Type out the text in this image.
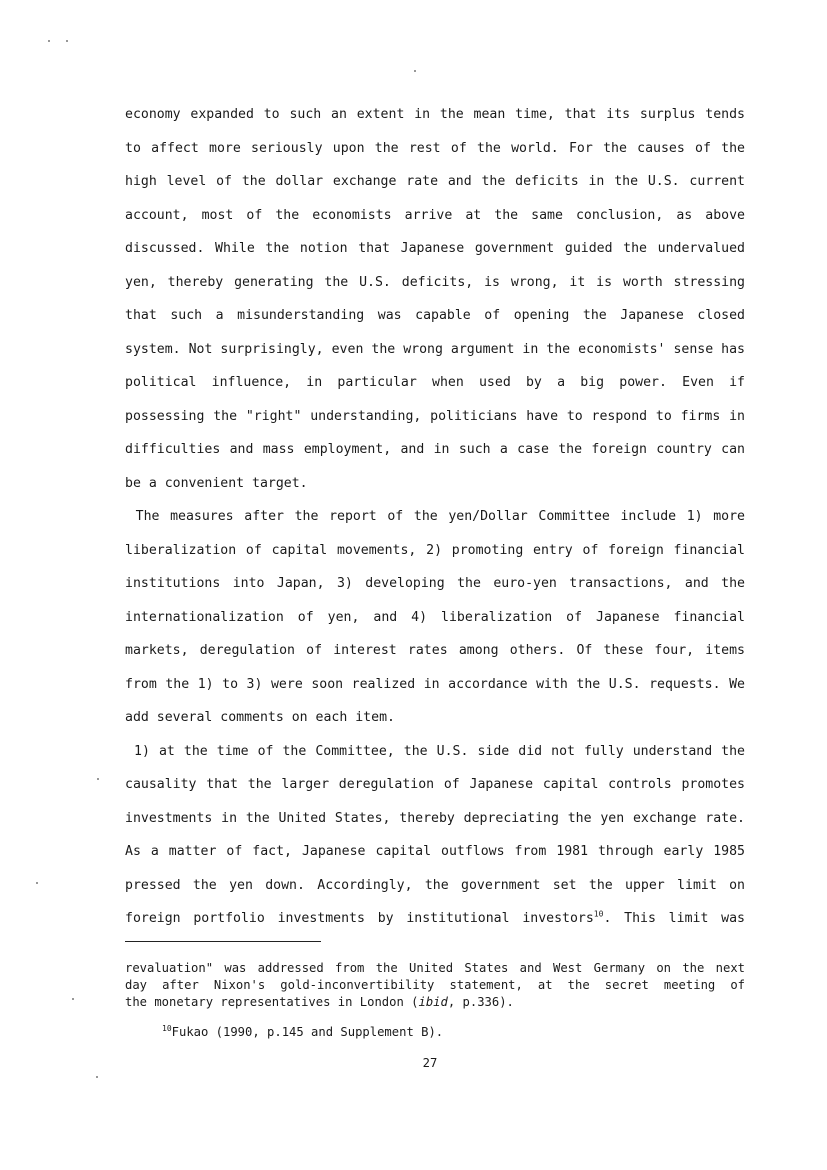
economy expanded to such an extent in the mean time, that its surplus tends
to affect more seriously upon the rest of the world. For the causes of the
high level of the dollar exchange rate and the deficits in the U.S. current
account, most of the economists arrive at the same conclusion, as above
discussed. While the notion that Japanese government guided the undervalued
yen, thereby generating the U.S. deficits, is wrong, it is worth stressing
that such a misunderstanding was capable of opening the Japanese closed
system. Not surprisingly, even the wrong argument in the economists' sense has
political influence, in particular when used by a big power. Even if
possessing the "right" understanding, politicians have to respond to firms in
difficulties and mass employment, and in such a case the foreign country can
be a convenient target.
The measures after the report of the yen/Dollar Committee include 1) more
liberalization of capital movements, 2) promoting entry of foreign financial
institutions into Japan, 3) developing the euro-yen transactions, and the
internationalization of yen, and 4) liberalization of Japanese financial
markets, deregulation of interest rates among others. Of these four, items
from the 1) to 3) were soon realized in accordance with the U.S. requests. We
add several comments on each item.
1) at the time of the Committee, the U.S. side did not fully understand the
causality that the larger deregulation of Japanese capital controls promotes
investments in the United States, thereby depreciating the yen exchange rate.
As a matter of fact, Japanese capital outflows from 1981 through early 1985
pressed the yen down. Accordingly, the government set the upper limit on
foreign portfolio investments by institutional investors$^{10}$. This limit was
revaluation" was addressed from the United States and West Germany on the next
day after Nixon's gold-inconvertibility statement, at the secret meeting of
the monetary representatives in London (ibid, p.336).
$^{10}$Fukao (1990, p.145 and Supplement B).
27
